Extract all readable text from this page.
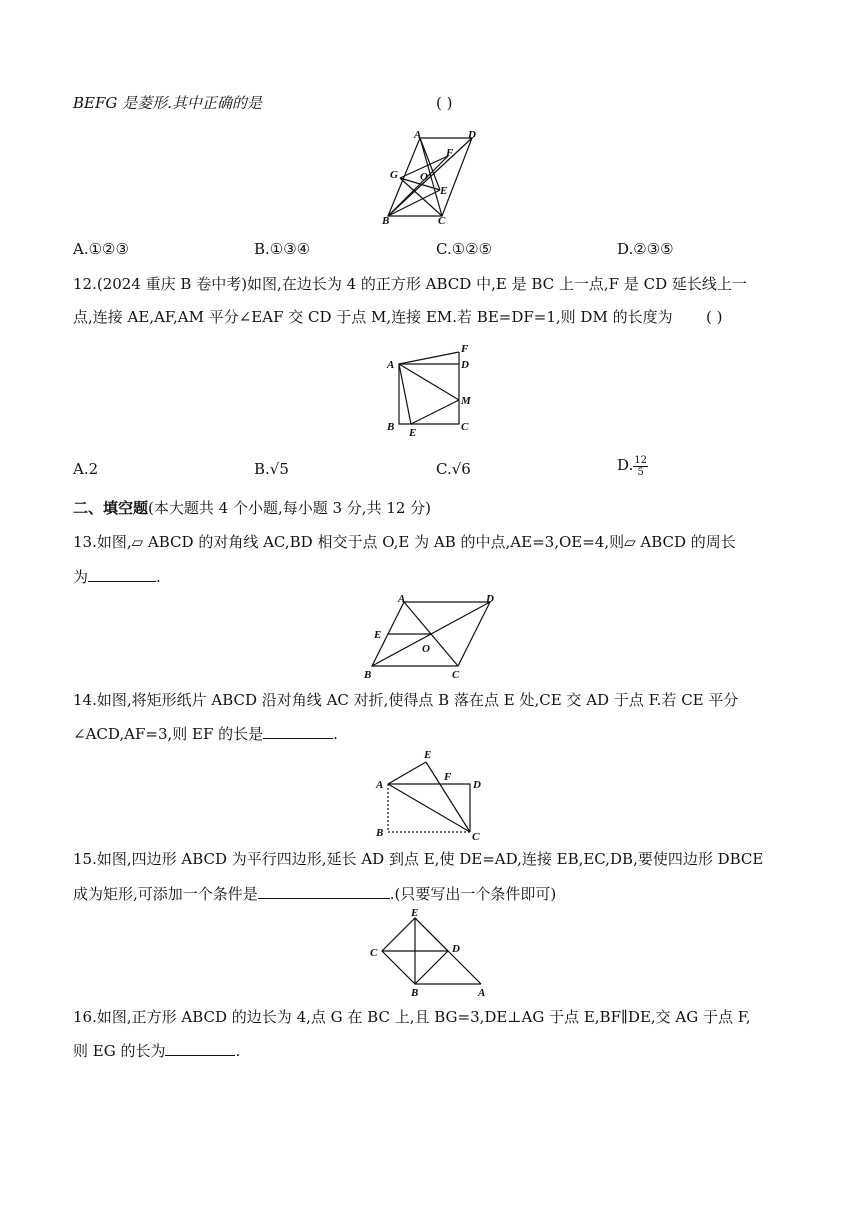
BEFG 是菱形.其中正确的是	( )
A	D
F
G O
E
B	C
A.①②③	B.①③④	C.①②⑤	D.②③⑤
12.(2024 重庆 B 卷中考)如图,在边长为 4 的正方形 ABCD 中,E 是 BC 上一点,F 是 CD 延长线上一
点,连接 AE,AF,AM 平分∠EAF 交 CD 于点 M,连接 EM.若 BE=DF=1,则 DM 的长度为 ( )
F
A	D
M
B E	C
A.2	B.√5	C.√6	D. $\frac{12}{5}$
二、填空题(本大题共 4 个小题,每小题 3 分,共 12 分)
13.如图,▱ ABCD 的对角线 AC,BD 相交于点 O,E 为 AB 的中点,AE=3,OE=4,则▱ ABCD 的周长
为	.
A	D
E
O
B	C
14.如图,将矩形纸片 ABCD 沿对角线 AC 对折,使得点 B 落在点 E 处,CE 交 AD 于点 F.若 CE 平分
∠ACD,AF=3,则 EF 的长是	.
E
F
A	D
B	C
15.如图,四边形 ABCD 为平行四边形,延长 AD 到点 E,使 DE=AD,连接 EB,EC,DB,要使四边形 DBCE
成为矩形,可添加一个条件是	.(只要写出一个条件即可)
E
C	D
B	A
16.如图,正方形 ABCD 的边长为 4,点 G 在 BC 上,且 BG=3,DE⊥AG 于点 E,BF∥DE,交 AG 于点 F,
则 EG 的长为	.
